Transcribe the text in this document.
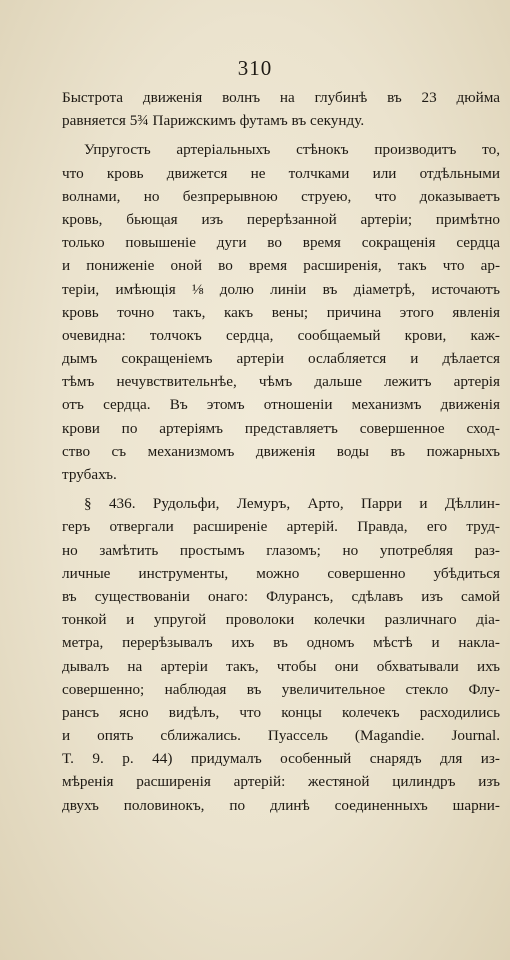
310
Быстрота движенія волнъ на глубинѣ въ 23 дюйма
равняется 5¾ Парижскимъ футамъ въ секунду.
Упругость артеріальныхъ стѣнокъ производитъ то,
что кровь движется не толчками или отдѣльными
волнами, но безпрерывною струею, что доказываетъ
кровь, бьющая изъ перерѣзанной артеріи; примѣтно
только повышеніе дуги во время сокращенія сердца
и пониженіе оной во время расширенія, такъ что ар-
теріи, имѣющія ⅛ долю линіи въ діаметрѣ, источаютъ
кровь точно такъ, какъ вены; причина этого явленія
очевидна: толчокъ сердца, сообщаемый крови, каж-
дымъ сокращеніемъ артеріи ослабляется и дѣлается
тѣмъ нечувствительнѣе, чѣмъ дальше лежитъ артерія
отъ сердца. Въ этомъ отношеніи механизмъ движенія
крови по артеріямъ представляетъ совершенное сход-
ство съ механизмомъ движенія воды въ пожарныхъ
трубахъ.
§ 436. Рудольфи, Лемуръ, Арто, Парри и Дѣллин-
геръ отвергали расширеніе артерій. Правда, его труд-
но замѣтить простымъ глазомъ; но употребляя раз-
личные инструменты, можно совершенно убѣдиться
въ существованіи онаго: Флурансъ, сдѣлавъ изъ самой
тонкой и упругой проволоки колечки различнаго діа-
метра, перерѣзывалъ ихъ въ одномъ мѣстѣ и накла-
дывалъ на артеріи такъ, чтобы они обхватывали ихъ
совершенно; наблюдая въ увеличительное стекло Флу-
рансъ ясно видѣлъ, что концы колечекъ расходились
и опять сближались. Пуассель (Magandie. Journal.
T. 9. p. 44) придумалъ особенный снарядъ для из-
мѣренія расширенія артерій: жестяной цилиндръ изъ
двухъ половинокъ, по длинѣ соединенныхъ шарни-
